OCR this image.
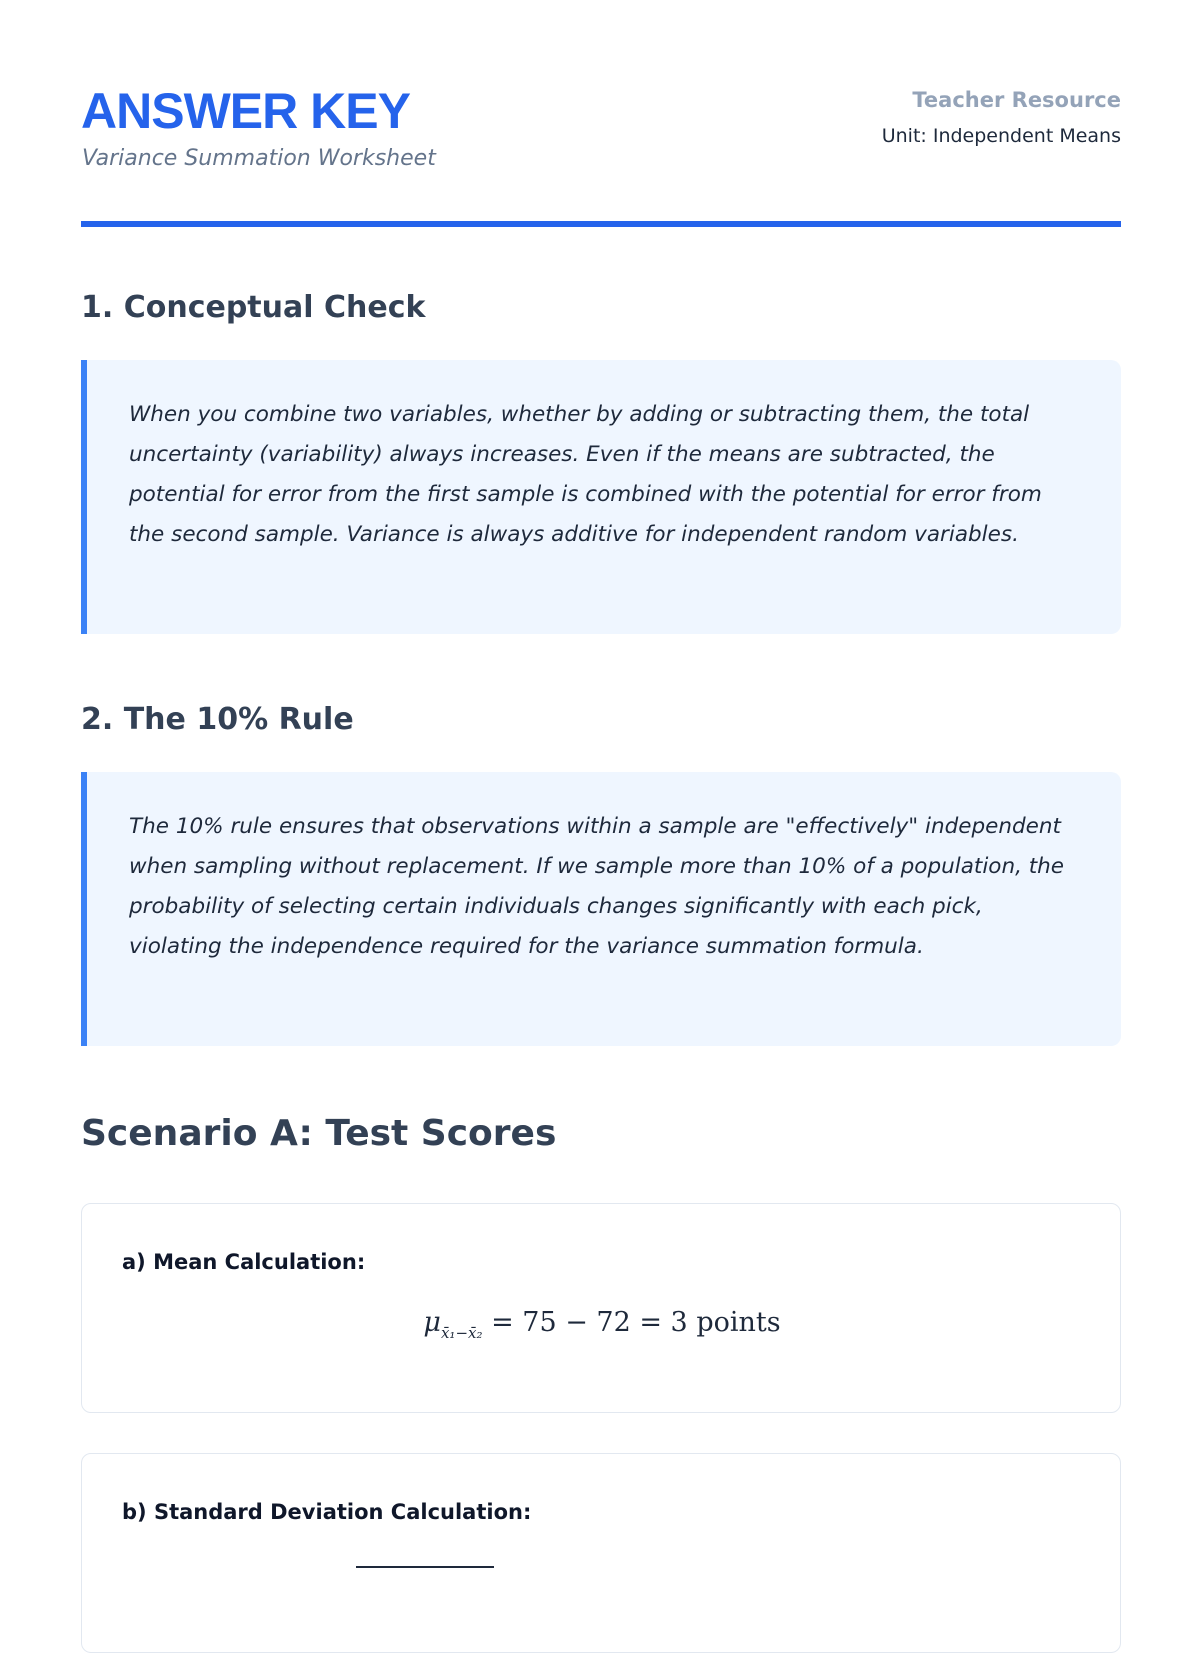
ANSWER KEY
Variance Summation Worksheet
Teacher Resource
Unit: Independent Means
1. Conceptual Check

When you combine two variables, whether by adding or subtracting them, the total uncertainty (variability) always increases. Even if the means are subtracted, the potential for error from the first sample is combined with the potential for error from the second sample. Variance is always additive for independent random variables.

2. The 10% Rule

The 10% rule ensures that observations within a sample are "effectively" independent when sampling without replacement. If we sample more than 10% of a population, the probability of selecting certain individuals changes significantly with each pick, violating the independence required for the variance summation formula.

Scenario A: Test Scores
a) Mean Calculation:
$\mu_{x̄_1-x̄_2} = 75 - 72 = 3$ points
b) Standard Deviation Calculation:
